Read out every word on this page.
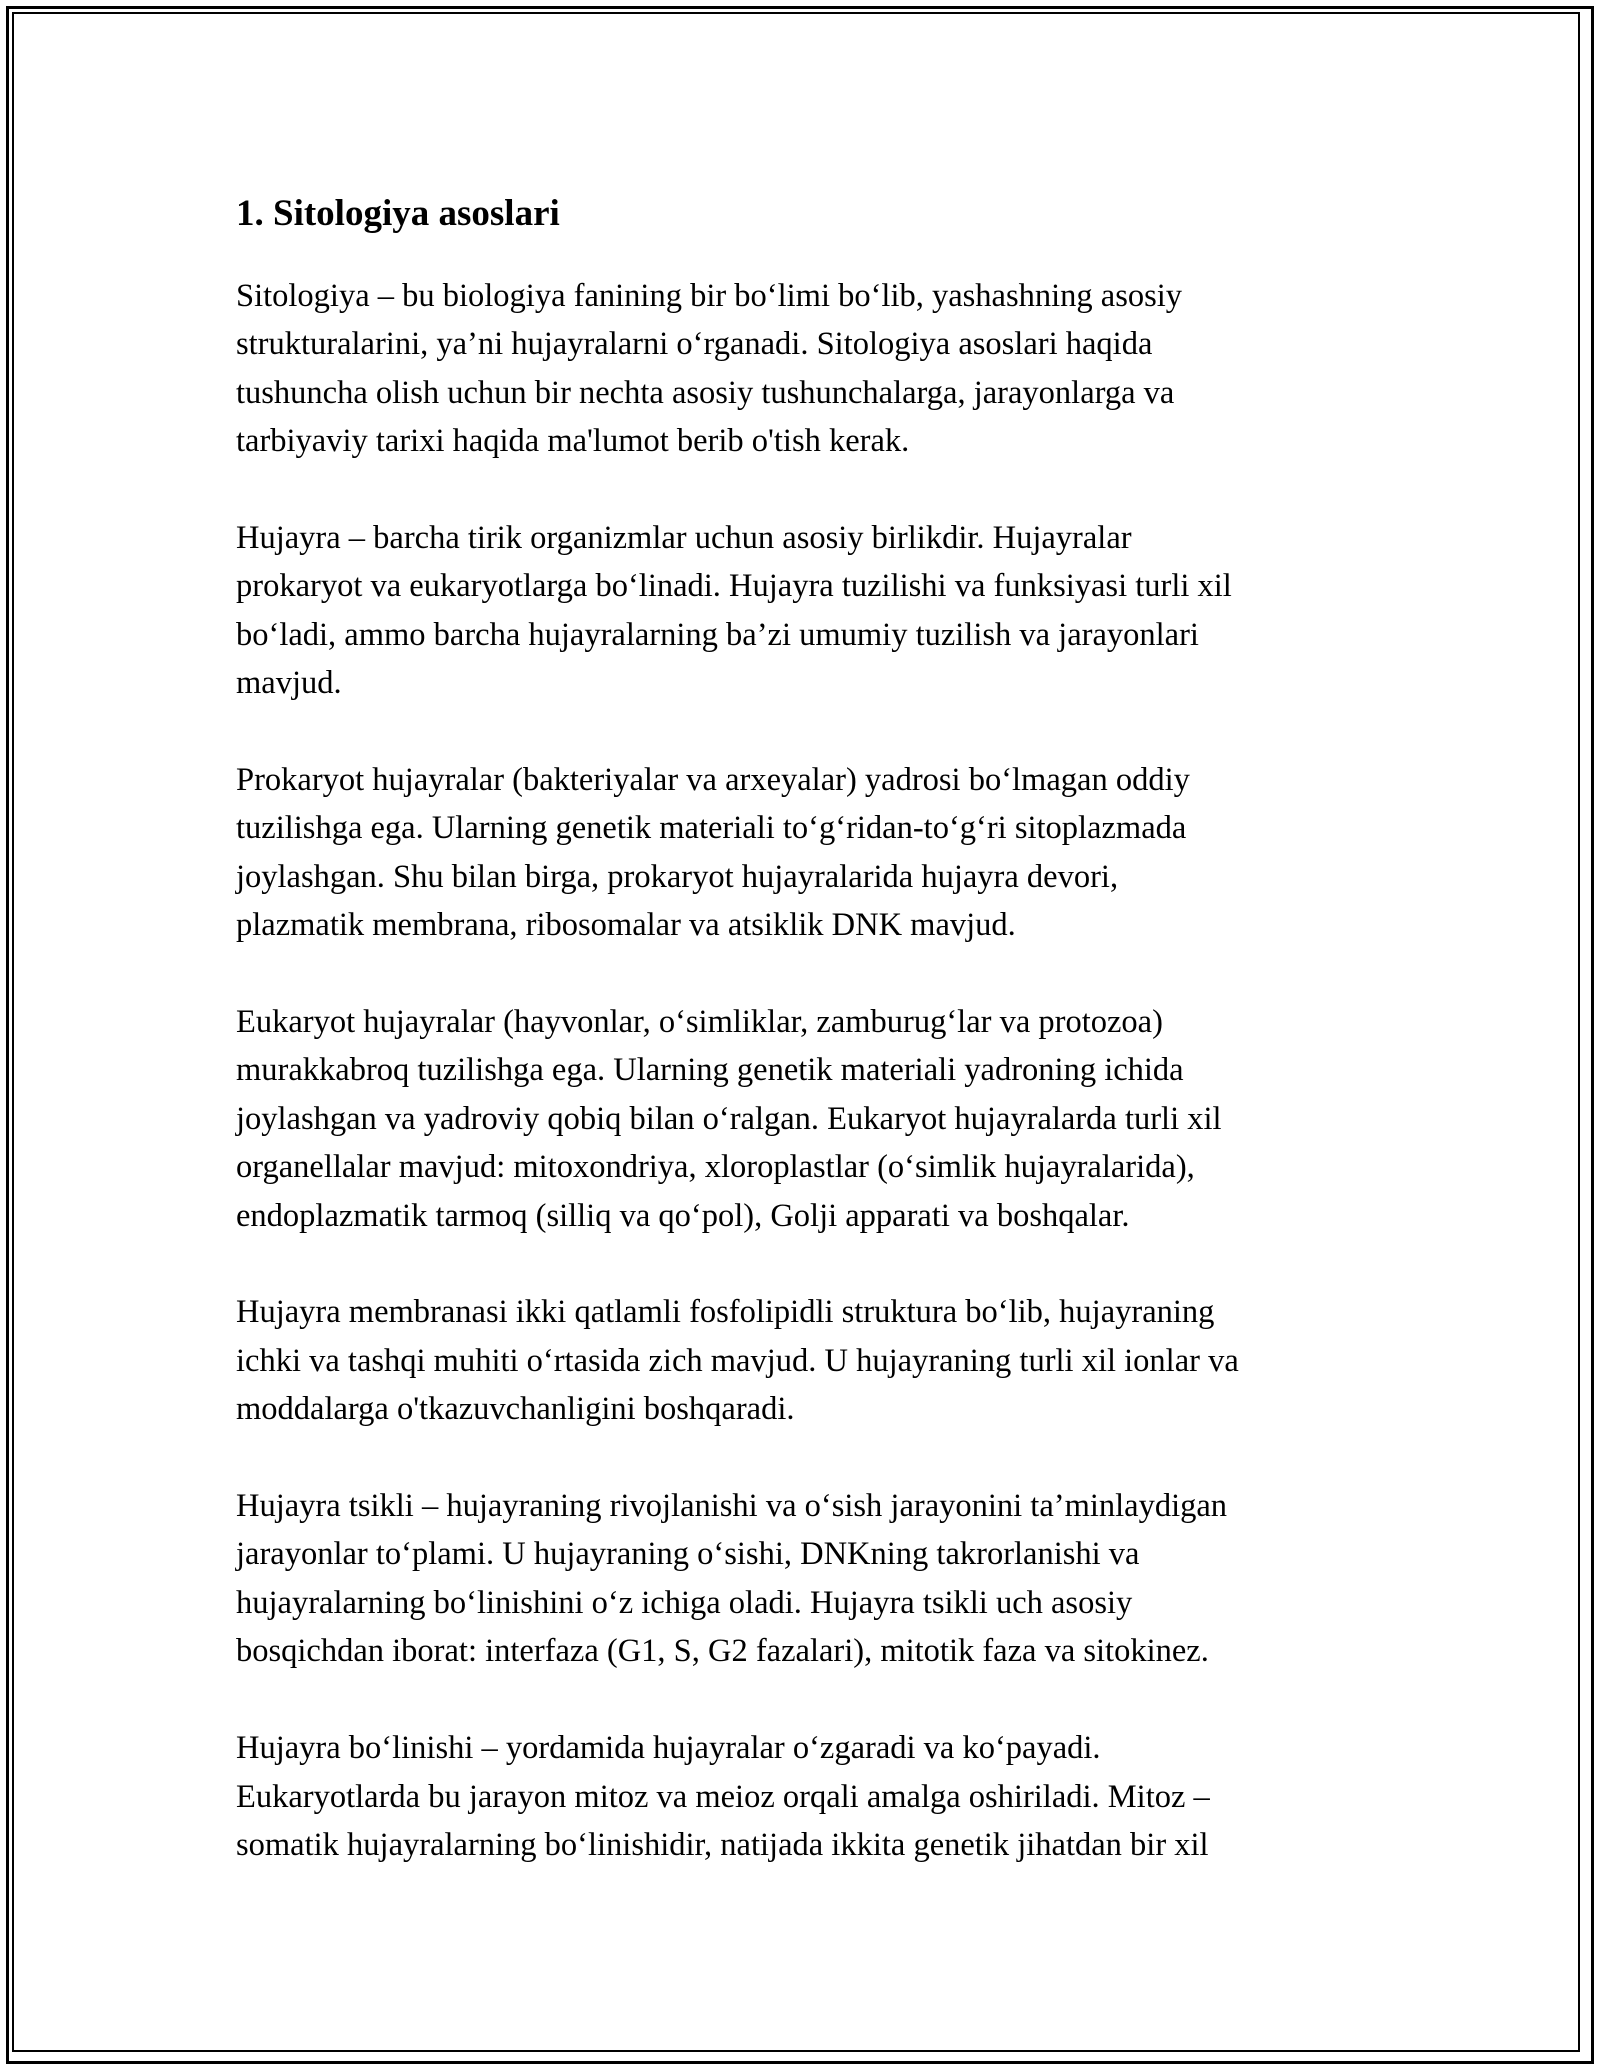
1. Sitologiya asoslari

Sitologiya – bu biologiya fanining bir boʻlimi boʻlib, yashashning asosiy
strukturalarini, ya’ni hujayralarni oʻrganadi. Sitologiya asoslari haqida
tushuncha olish uchun bir nechta asosiy tushunchalarga, jarayonlarga va
tarbiyaviy tarixi haqida ma'lumot berib o'tish kerak.

Hujayra – barcha tirik organizmlar uchun asosiy birlikdir. Hujayralar
prokaryot va eukaryotlarga boʻlinadi. Hujayra tuzilishi va funksiyasi turli xil
boʻladi, ammo barcha hujayralarning ba’zi umumiy tuzilish va jarayonlari
mavjud.

Prokaryot hujayralar (bakteriyalar va arxeyalar) yadrosi boʻlmagan oddiy
tuzilishga ega. Ularning genetik materiali toʻgʻridan-toʻgʻri sitoplazmada
joylashgan. Shu bilan birga, prokaryot hujayralarida hujayra devori,
plazmatik membrana, ribosomalar va atsiklik DNK mavjud.

Eukaryot hujayralar (hayvonlar, oʻsimliklar, zamburugʻlar va protozoa)
murakkabroq tuzilishga ega. Ularning genetik materiali yadroning ichida
joylashgan va yadroviy qobiq bilan oʻralgan. Eukaryot hujayralarda turli xil
organellalar mavjud: mitoxondriya, xloroplastlar (oʻsimlik hujayralarida),
endoplazmatik tarmoq (silliq va qoʻpol), Golji apparati va boshqalar.

Hujayra membranasi ikki qatlamli fosfolipidli struktura boʻlib, hujayraning
ichki va tashqi muhiti oʻrtasida zich mavjud. U hujayraning turli xil ionlar va
moddalarga o'tkazuvchanligini boshqaradi.

Hujayra tsikli – hujayraning rivojlanishi va oʻsish jarayonini ta’minlaydigan
jarayonlar toʻplami. U hujayraning oʻsishi, DNKning takrorlanishi va
hujayralarning boʻlinishini oʻz ichiga oladi. Hujayra tsikli uch asosiy
bosqichdan iborat: interfaza (G1, S, G2 fazalari), mitotik faza va sitokinez.

Hujayra boʻlinishi – yordamida hujayralar oʻzgaradi va koʻpayadi.
Eukaryotlarda bu jarayon mitoz va meioz orqali amalga oshiriladi. Mitoz –
somatik hujayralarning boʻlinishidir, natijada ikkita genetik jihatdan bir xil
